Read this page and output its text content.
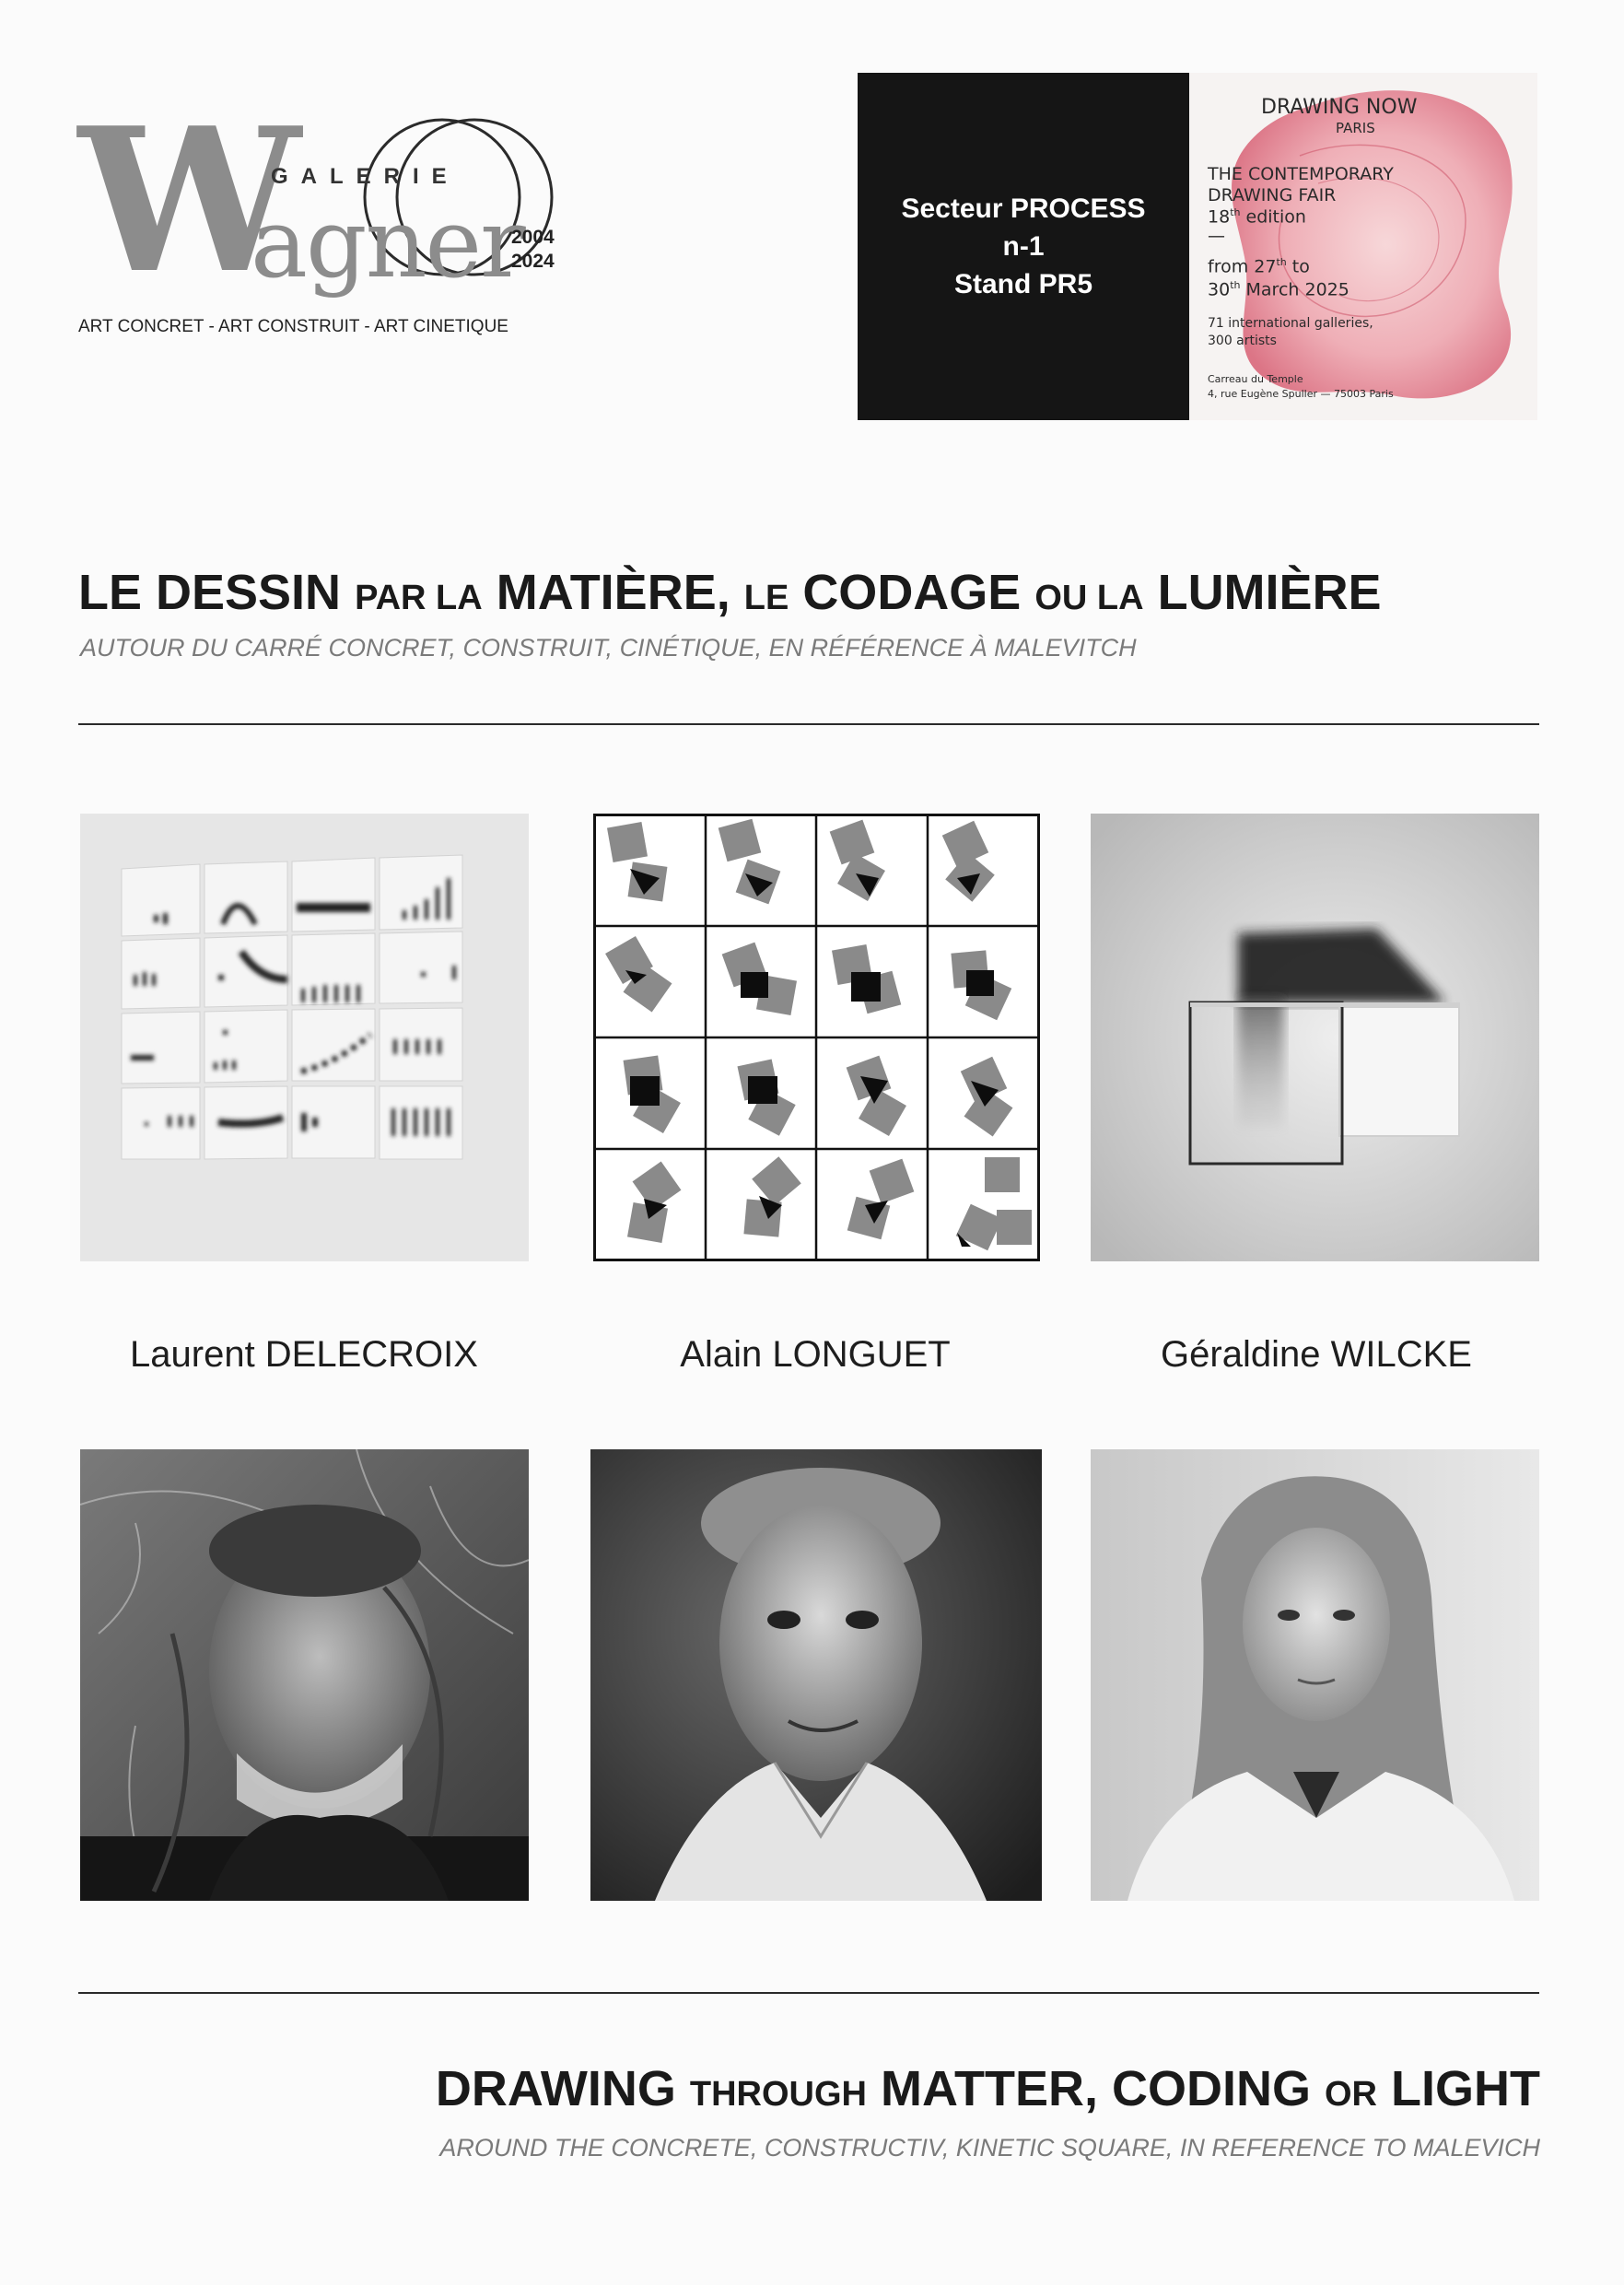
W
agner
GALERIE
2004
2024
ART CONCRET - ART CONSTRUIT - ART CINETIQUE
Secteur PROCESS
n-1
Stand PR5
DRAWING NOW
PARIS
THE CONTEMPORARY
DRAWING FAIR
18th edition
—
from 27th to
30th March 2025
71 international galleries,
300 artists
Carreau du Temple
4, rue Eugène Spuller — 75003 Paris
LE DESSIN PAR LA MATIÈRE, LE CODAGE OU LA LUMIÈRE
AUTOUR DU CARRÉ CONCRET, CONSTRUIT, CINÉTIQUE, EN RÉFÉRENCE À MALEVITCH
Laurent DELECROIX	Alain LONGUET	Géraldine WILCKE
DRAWING THROUGH MATTER, CODING OR LIGHT
AROUND THE CONCRETE, CONSTRUCTIV, KINETIC SQUARE, IN REFERENCE TO MALEVICH
